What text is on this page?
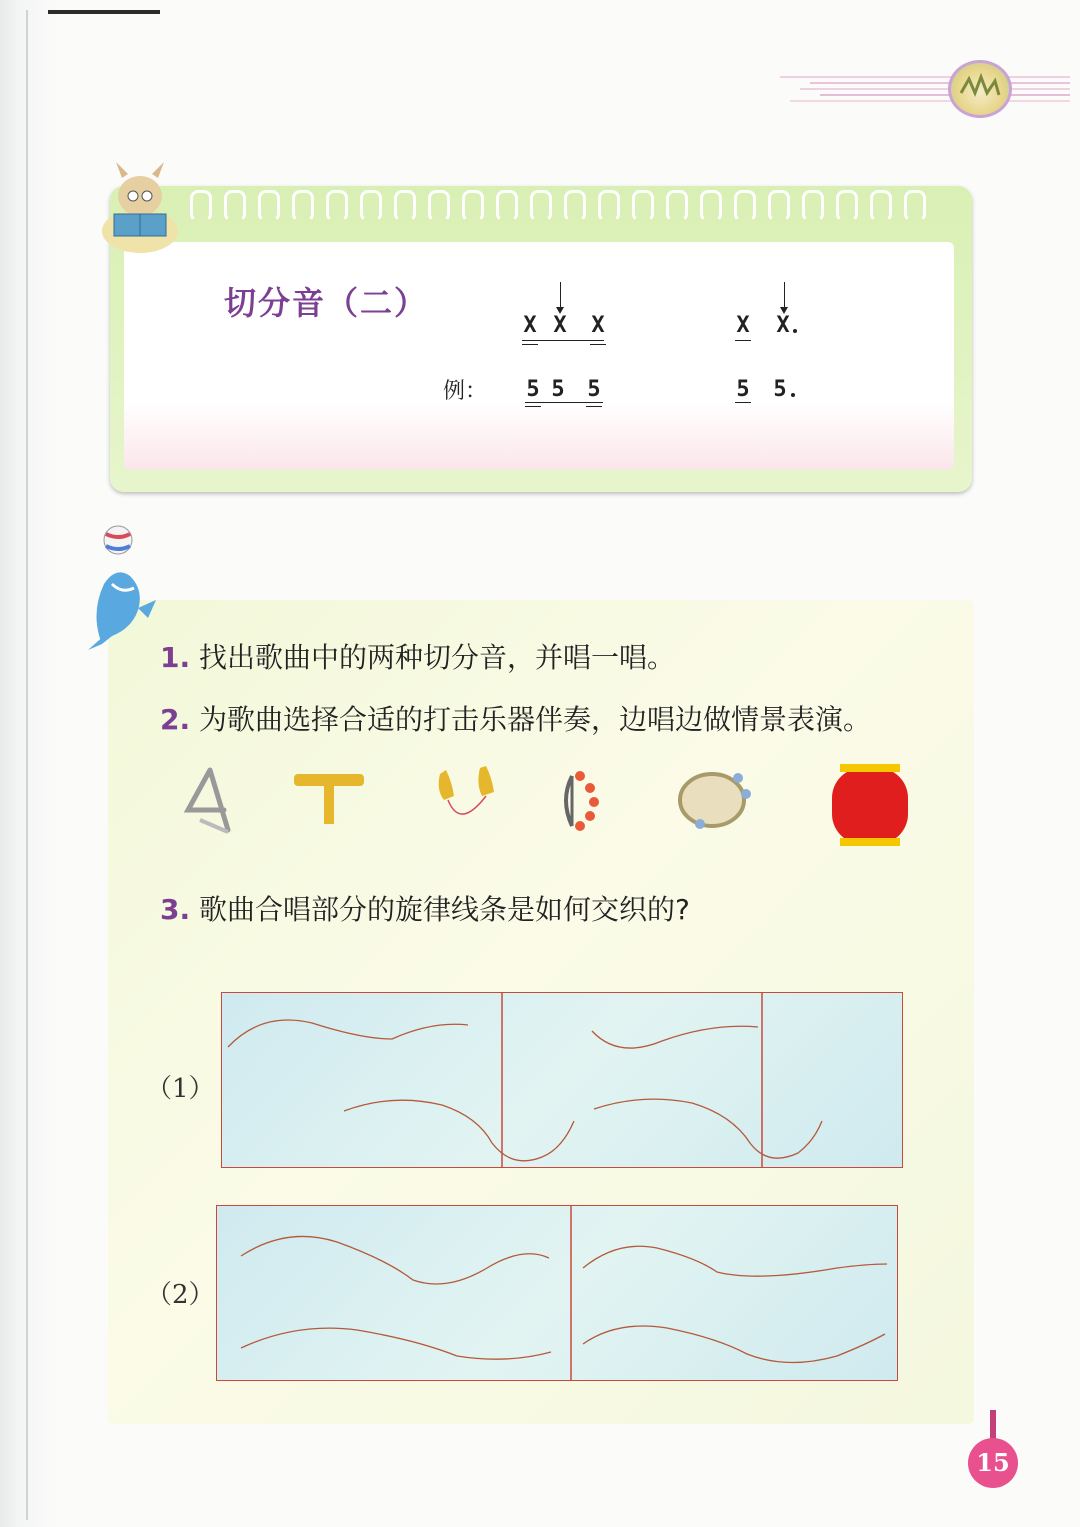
切分音（二）
X X X	X X
例： 5 5 5	5 5
1. 找出歌曲中的两种切分音，并唱一唱。
2. 为歌曲选择合适的打击乐器伴奏，边唱边做情景表演。
3. 歌曲合唱部分的旋律线条是如何交织的?
（1）
（2）
15
